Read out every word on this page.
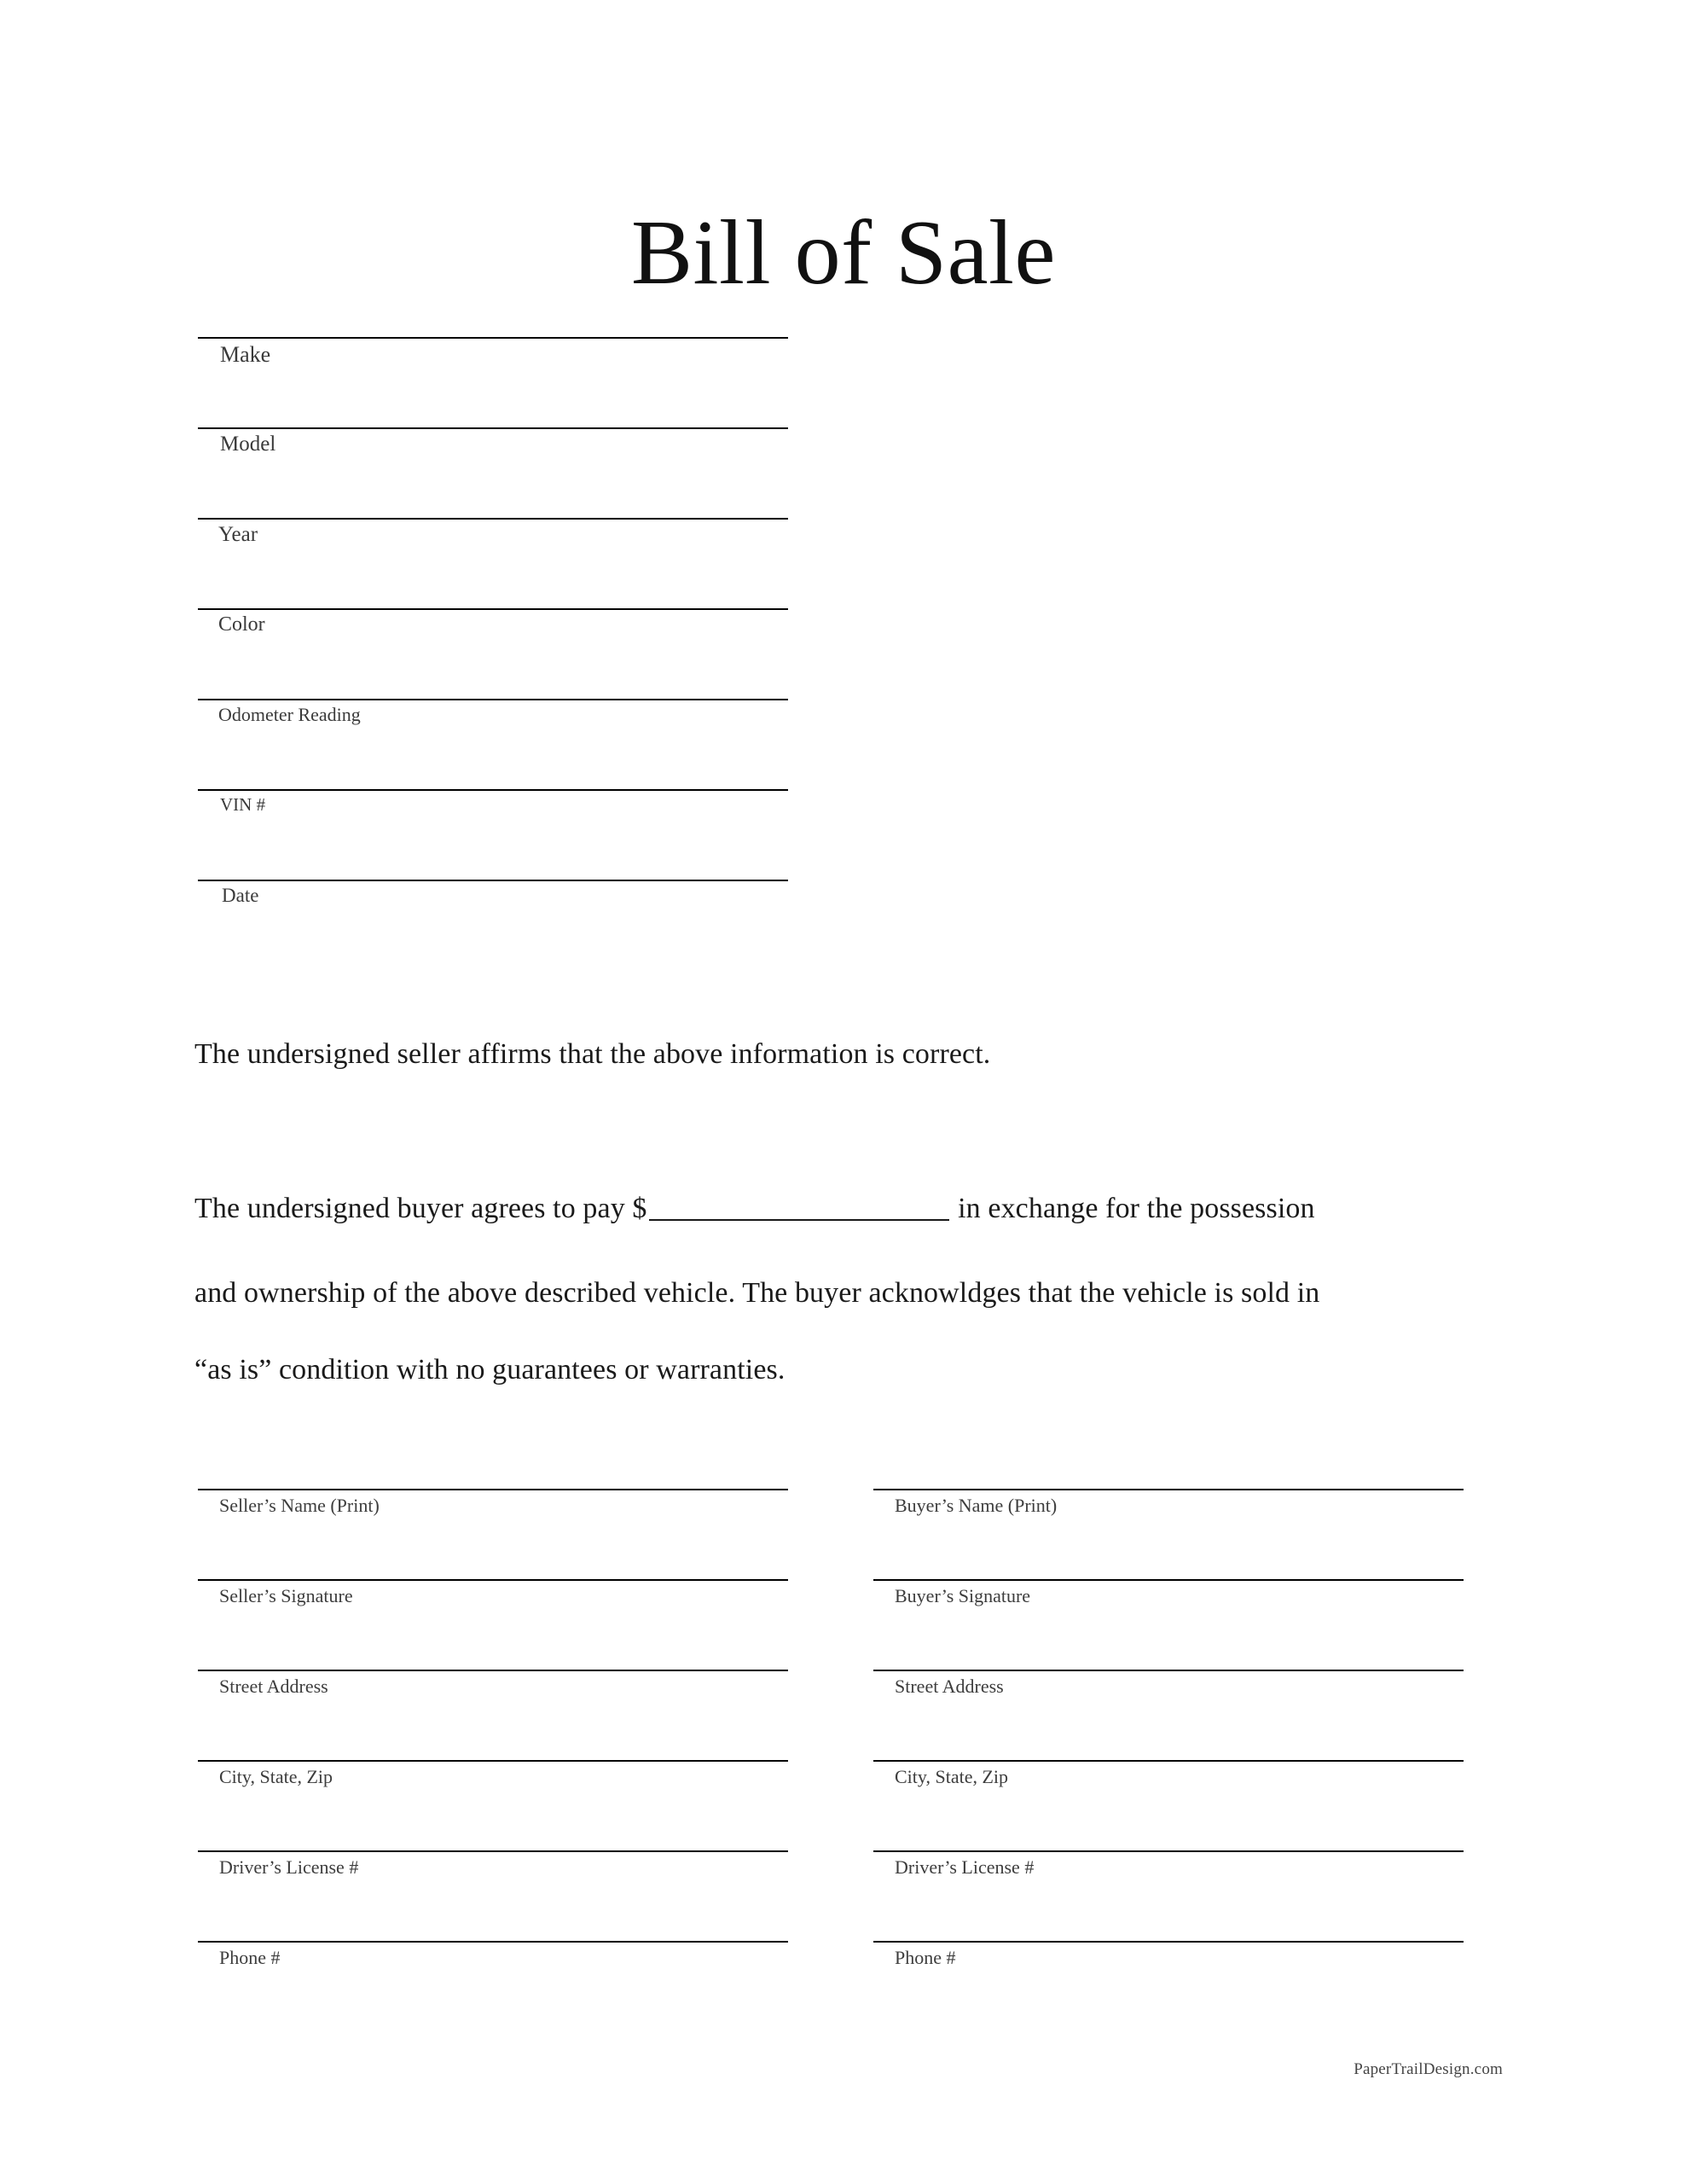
Bill of Sale
Make
Model
Year
Color
Odometer Reading
VIN #
Date

The undersigned seller affirms that the above information is correct.

The undersigned buyer agrees to pay $	in exchange for the possession

and ownership of the above described vehicle. The buyer acknowldges that the vehicle is sold in

“as is” condition with no guarantees or warranties.

Seller’s Name (Print)
Seller’s Signature
Street Address
City, State, Zip
Driver’s License #
Phone #
Buyer’s Name (Print)
Buyer’s Signature
Street Address
City, State, Zip
Driver’s License #
Phone #
PaperTrailDesign.com
